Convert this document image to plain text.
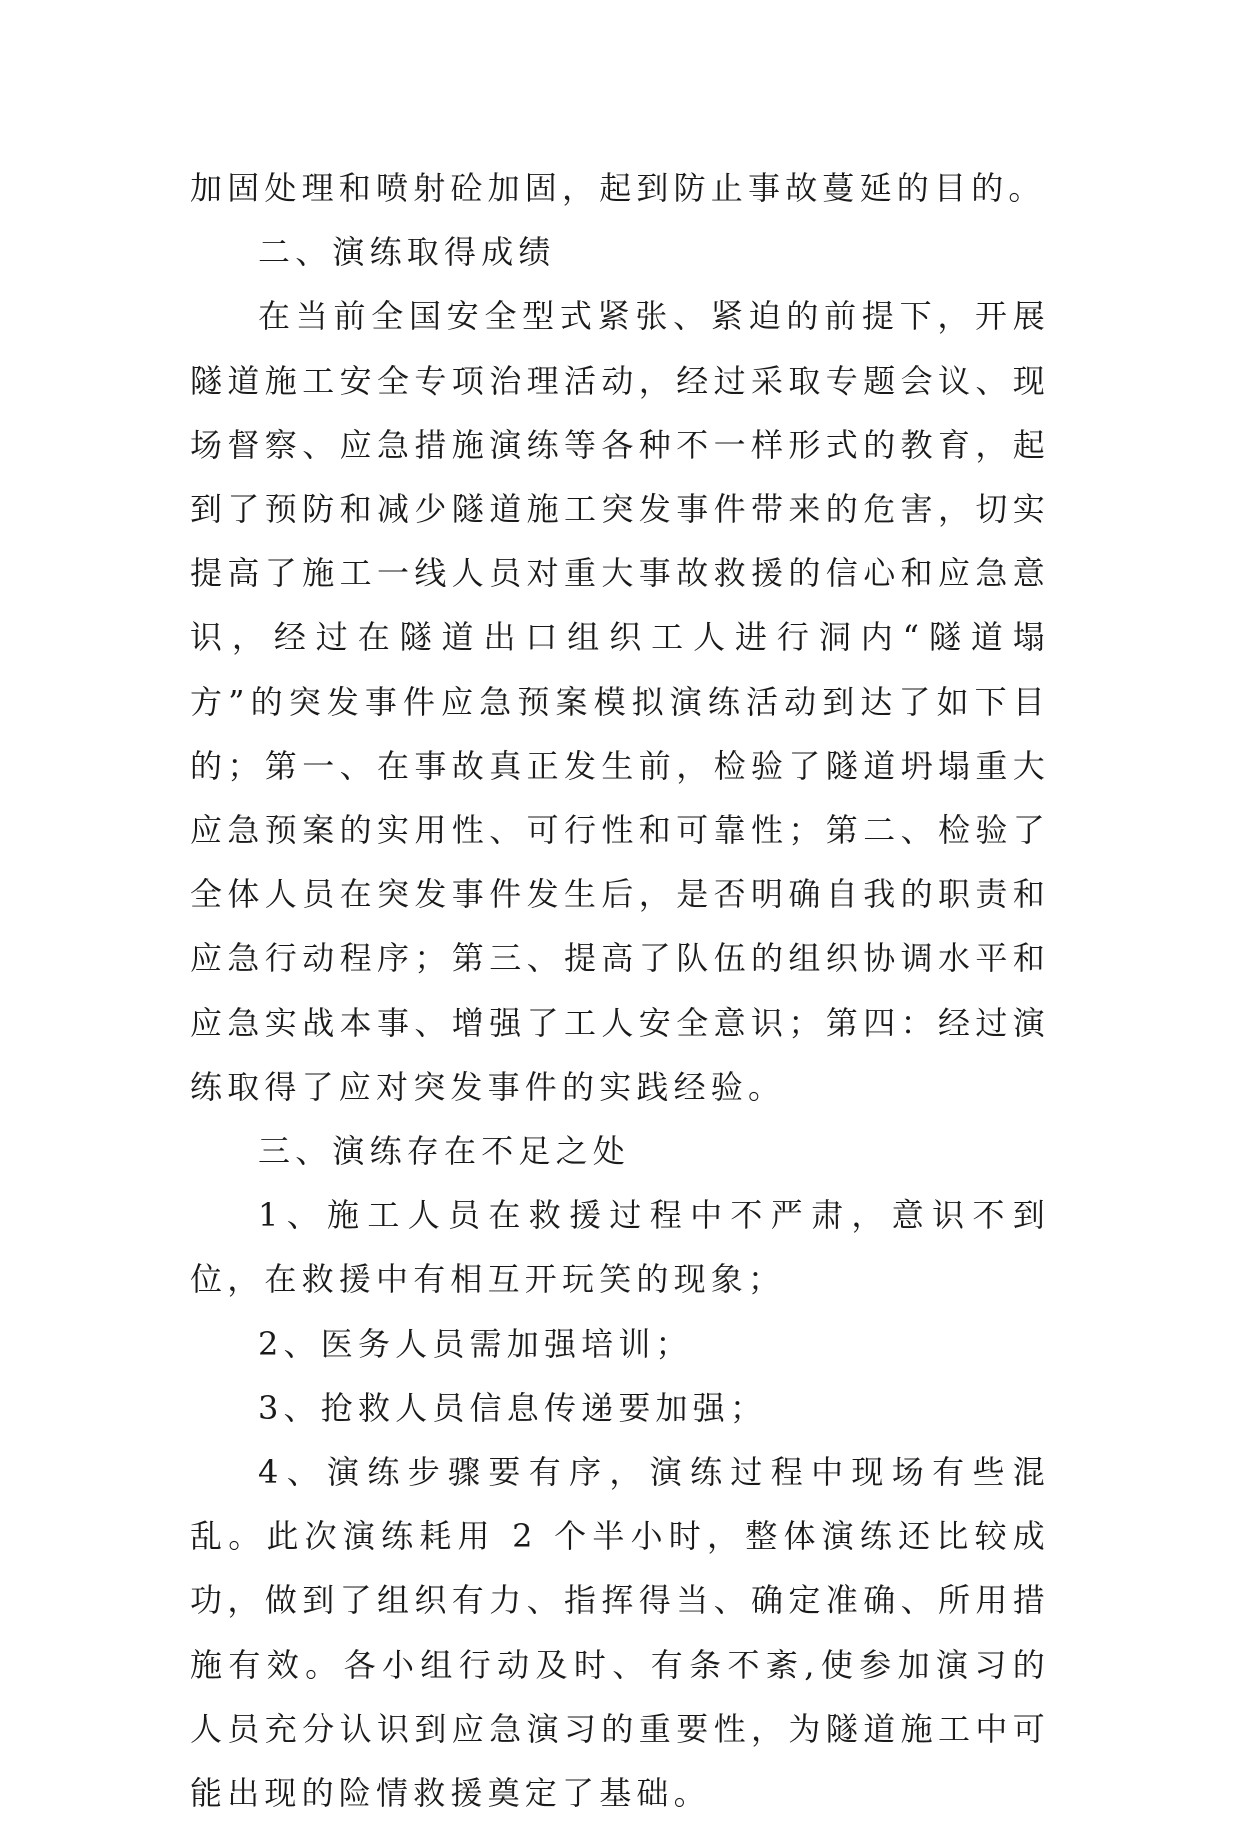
加固处理和喷射砼加固，起到防止事故蔓延的目的。

二、演练取得成绩

在当前全国安全型式紧张、紧迫的前提下，开展隧道施工安全专项治理活动，经过采取专题会议、现场督察、应急措施演练等各种不一样形式的教育，起到了预防和减少隧道施工突发事件带来的危害，切实提高了施工一线人员对重大事故救援的信心和应急意识，经过在隧道出口组织工人进行洞内“隧道塌方”的突发事件应急预案模拟演练活动到达了如下目的；第一、在事故真正发生前，检验了隧道坍塌重大应急预案的实用性、可行性和可靠性；第二、检验了全体人员在突发事件发生后，是否明确自我的职责和应急行动程序；第三、提高了队伍的组织协调水平和应急实战本事、增强了工人安全意识；第四：经过演练取得了应对突发事件的实践经验。

三、演练存在不足之处

1、施工人员在救援过程中不严肃，意识不到位，在救援中有相互开玩笑的现象；

2、医务人员需加强培训；

3、抢救人员信息传递要加强；

4、演练步骤要有序，演练过程中现场有些混乱。此次演练耗用 2 个半小时，整体演练还比较成功，做到了组织有力、指挥得当、确定准确、所用措施有效。各小组行动及时、有条不紊,使参加演习的人员充分认识到应急演习的重要性，为隧道施工中可能出现的险情救援奠定了基础。
